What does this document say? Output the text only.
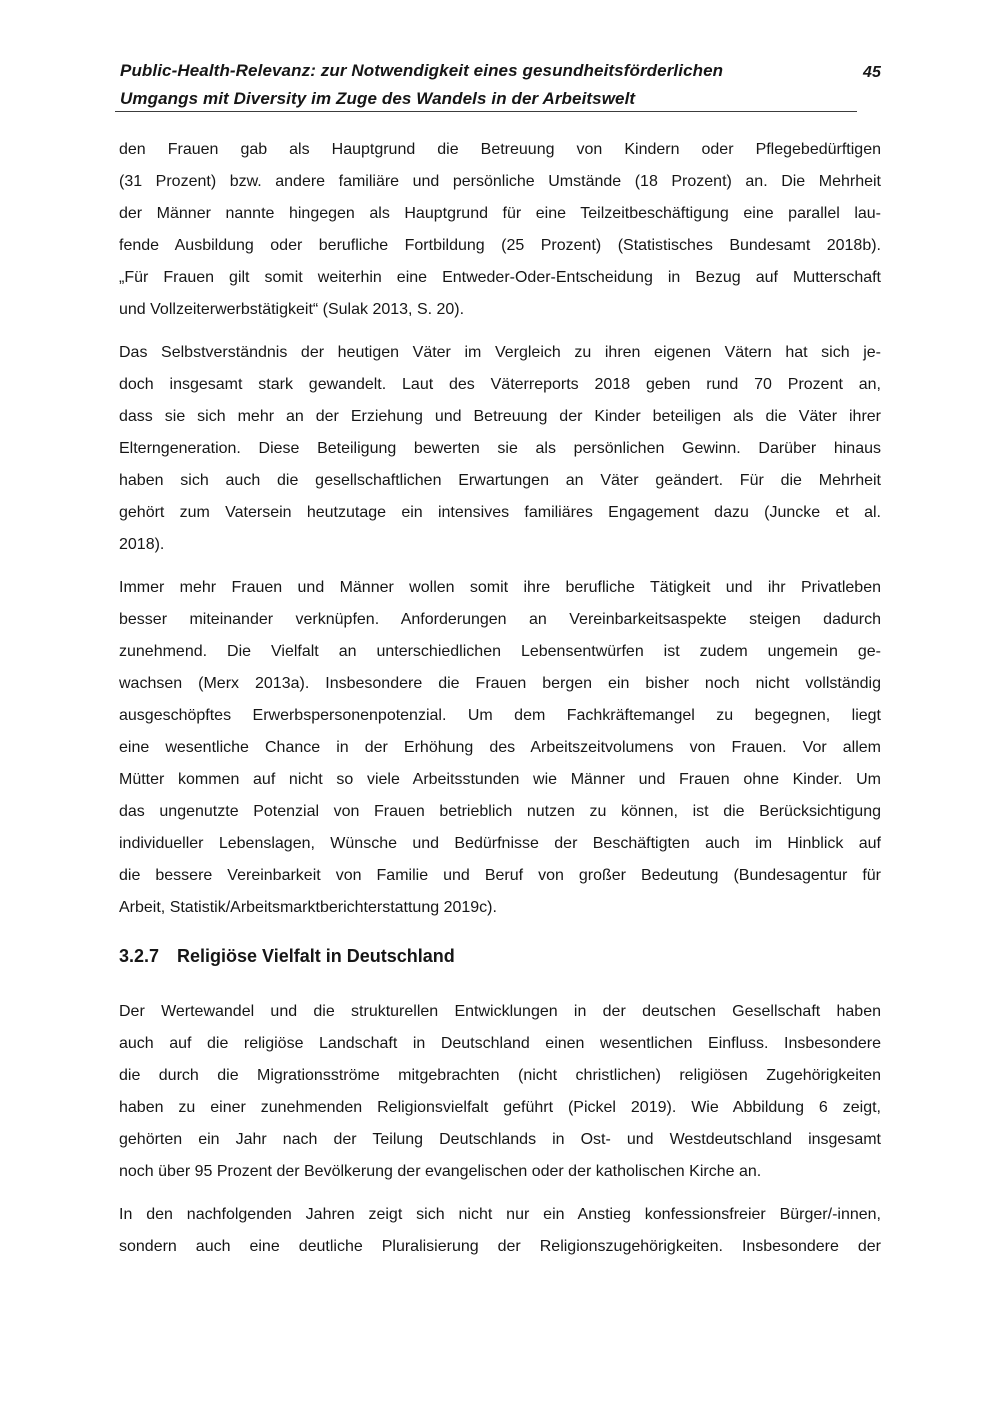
Public-Health-Relevanz: zur Notwendigkeit eines gesundheitsförderlichen
Umgangs mit Diversity im Zuge des Wandels in der Arbeitswelt
45
den Frauen gab als Hauptgrund die Betreuung von Kindern oder Pflegebedürftigen
(31 Prozent) bzw. andere familiäre und persönliche Umstände (18 Prozent) an. Die Mehrheit
der Männer nannte hingegen als Hauptgrund für eine Teilzeitbeschäftigung eine parallel lau-
fende Ausbildung oder berufliche Fortbildung (25 Prozent) (Statistisches Bundesamt 2018b).
„Für Frauen gilt somit weiterhin eine Entweder-Oder-Entscheidung in Bezug auf Mutterschaft
und Vollzeiterwerbstätigkeit“ (Sulak 2013, S. 20).
Das Selbstverständnis der heutigen Väter im Vergleich zu ihren eigenen Vätern hat sich je-
doch insgesamt stark gewandelt. Laut des Väterreports 2018 geben rund 70 Prozent an,
dass sie sich mehr an der Erziehung und Betreuung der Kinder beteiligen als die Väter ihrer
Elterngeneration. Diese Beteiligung bewerten sie als persönlichen Gewinn. Darüber hinaus
haben sich auch die gesellschaftlichen Erwartungen an Väter geändert. Für die Mehrheit
gehört zum Vatersein heutzutage ein intensives familiäres Engagement dazu (Juncke et al.
2018).
Immer mehr Frauen und Männer wollen somit ihre berufliche Tätigkeit und ihr Privatleben
besser miteinander verknüpfen. Anforderungen an Vereinbarkeitsaspekte steigen dadurch
zunehmend. Die Vielfalt an unterschiedlichen Lebensentwürfen ist zudem ungemein ge-
wachsen (Merx 2013a). Insbesondere die Frauen bergen ein bisher noch nicht vollständig
ausgeschöpftes Erwerbspersonenpotenzial. Um dem Fachkräftemangel zu begegnen, liegt
eine wesentliche Chance in der Erhöhung des Arbeitszeitvolumens von Frauen. Vor allem
Mütter kommen auf nicht so viele Arbeitsstunden wie Männer und Frauen ohne Kinder. Um
das ungenutzte Potenzial von Frauen betrieblich nutzen zu können, ist die Berücksichtigung
individueller Lebenslagen, Wünsche und Bedürfnisse der Beschäftigten auch im Hinblick auf
die bessere Vereinbarkeit von Familie und Beruf von großer Bedeutung (Bundesagentur für
Arbeit, Statistik/Arbeitsmarktberichterstattung 2019c).
3.2.7 Religiöse Vielfalt in Deutschland
Der Wertewandel und die strukturellen Entwicklungen in der deutschen Gesellschaft haben
auch auf die religiöse Landschaft in Deutschland einen wesentlichen Einfluss. Insbesondere
die durch die Migrationsströme mitgebrachten (nicht christlichen) religiösen Zugehörigkeiten
haben zu einer zunehmenden Religionsvielfalt geführt (Pickel 2019). Wie Abbildung 6 zeigt,
gehörten ein Jahr nach der Teilung Deutschlands in Ost- und Westdeutschland insgesamt
noch über 95 Prozent der Bevölkerung der evangelischen oder der katholischen Kirche an.
In den nachfolgenden Jahren zeigt sich nicht nur ein Anstieg konfessionsfreier Bürger/-innen,
sondern auch eine deutliche Pluralisierung der Religionszugehörigkeiten. Insbesondere der
